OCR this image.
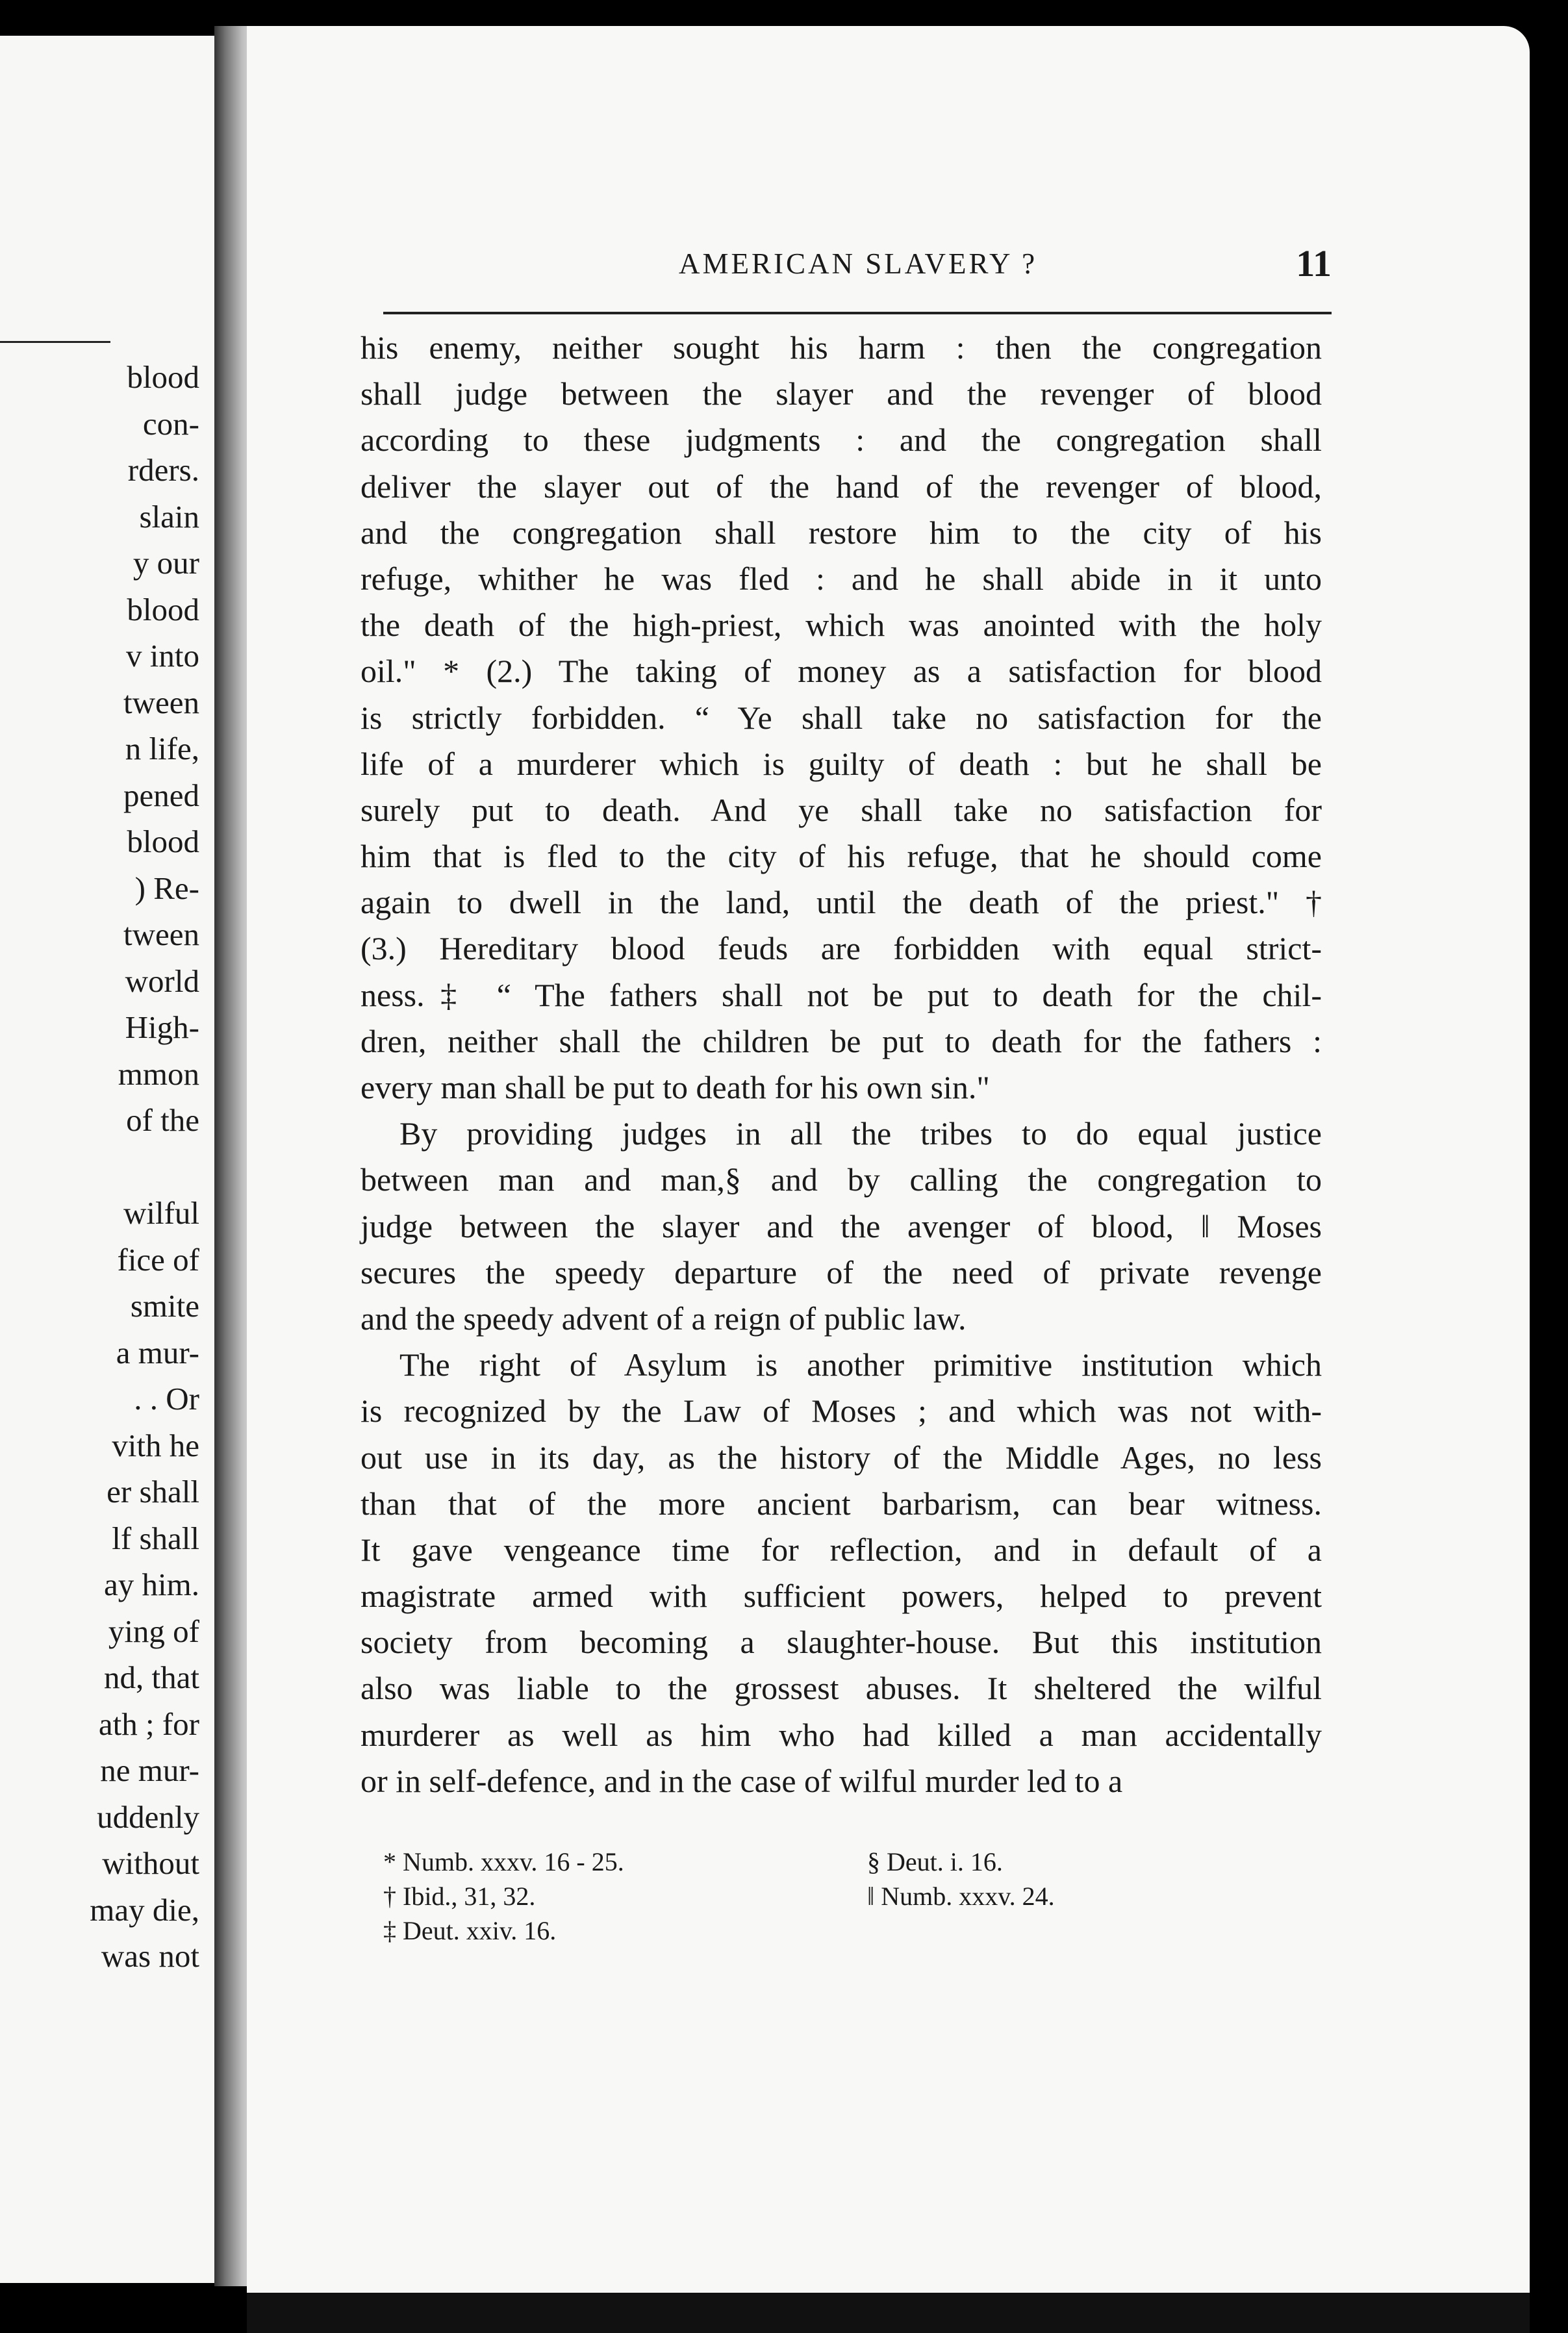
blood
con-
rders.
slain
y our
blood
v into
tween
n life,
pened
blood
) Re-
tween
world
High-
mmon
of the
wilful
fice of
smite
a mur-
. . Or
vith he
er shall
lf shall
ay him.
ying of
nd, that
ath ; for
ne mur-
uddenly
without
may die,
was not
AMERICAN SLAVERY ?	11
his enemy, neither sought his harm : then the congregation
shall judge between the slayer and the revenger of blood
according to these judgments : and the congregation shall
deliver the slayer out of the hand of the revenger of blood,
and the congregation shall restore him to the city of his
refuge, whither he was fled : and he shall abide in it unto
the death of the high-priest, which was anointed with the holy
oil." * (2.) The taking of money as a satisfaction for blood
is strictly forbidden. “ Ye shall take no satisfaction for the
life of a murderer which is guilty of death : but he shall be
surely put to death. And ye shall take no satisfaction for
him that is fled to the city of his refuge, that he should come
again to dwell in the land, until the death of the priest." †
(3.) Hereditary blood feuds are forbidden with equal strict-
ness.‡ “ The fathers shall not be put to death for the chil-
dren, neither shall the children be put to death for the fathers :
every man shall be put to death for his own sin."
By providing judges in all the tribes to do equal justice
between man and man,§ and by calling the congregation to
judge between the slayer and the avenger of blood, ‖ Moses
secures the speedy departure of the need of private revenge
and the speedy advent of a reign of public law.
The right of Asylum is another primitive institution which
is recognized by the Law of Moses ; and which was not with-
out use in its day, as the history of the Middle Ages, no less
than that of the more ancient barbarism, can bear witness.
It gave vengeance time for reflection, and in default of a
magistrate armed with sufficient powers, helped to prevent
society from becoming a slaughter-house. But this institution
also was liable to the grossest abuses. It sheltered the wilful
murderer as well as him who had killed a man accidentally
or in self-defence, and in the case of wilful murder led to a
* Numb. xxxv. 16 - 25.
† Ibid., 31, 32.
‡ Deut. xxiv. 16.
§ Deut. i. 16.
‖ Numb. xxxv. 24.
